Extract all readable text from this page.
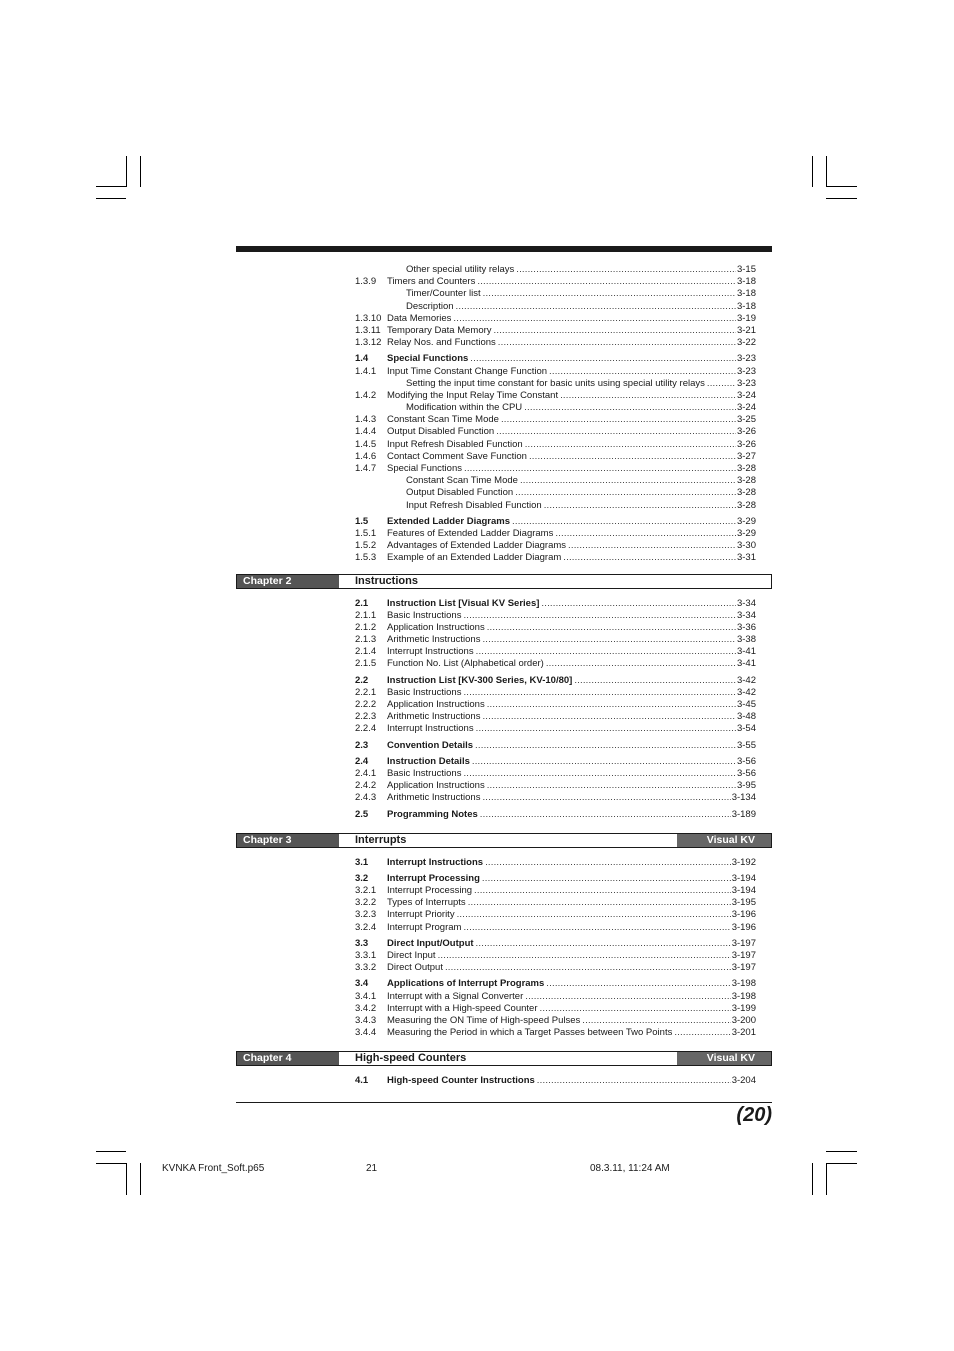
Other special utility relays .....	3-15
1.3.9 Timers and Counters .....	3-18
Timer/Counter list .....	3-18
Description .....	3-18
1.3.10 Data Memories .....	3-19
1.3.11 Temporary Data Memory .....	3-21
1.3.12 Relay Nos. and Functions .....	3-22
1.4 Special Functions .....	3-23
1.4.1 Input Time Constant Change Function .....	3-23
Setting the input time constant for basic units using special utility relays .....	3-23
1.4.2 Modifying the Input Relay Time Constant .....	3-24
Modification within the CPU .....	3-24
1.4.3 Constant Scan Time Mode .....	3-25
1.4.4 Output Disabled Function .....	3-26
1.4.5 Input Refresh Disabled Function .....	3-26
1.4.6 Contact Comment Save Function .....	3-27
1.4.7 Special Functions .....	3-28
Constant Scan Time Mode .....	3-28
Output Disabled Function .....	3-28
Input Refresh Disabled Function .....	3-28
1.5 Extended Ladder Diagrams .....	3-29
1.5.1 Features of Extended Ladder Diagrams .....	3-29
1.5.2 Advantages of Extended Ladder Diagrams .....	3-30
1.5.3 Example of an Extended Ladder Diagram .....	3-31
Chapter 2	Instructions
2.1 Instruction List [Visual KV Series] .....	3-34
2.1.1 Basic Instructions .....	3-34
2.1.2 Application Instructions .....	3-36
2.1.3 Arithmetic Instructions .....	3-38
2.1.4 Interrupt Instructions .....	3-41
2.1.5 Function No. List (Alphabetical order) .....	3-41
2.2 Instruction List [KV-300 Series, KV-10/80] .....	3-42
2.2.1 Basic Instructions .....	3-42
2.2.2 Application Instructions .....	3-45
2.2.3 Arithmetic Instructions .....	3-48
2.2.4 Interrupt Instructions .....	3-54
2.3 Convention Details .....	3-55
2.4 Instruction Details .....	3-56
2.4.1 Basic Instructions .....	3-56
2.4.2 Application Instructions .....	3-95
2.4.3 Arithmetic Instructions .....	3-134
2.5 Programming Notes .....	3-189
Chapter 3	Interrupts	Visual KV
3.1 Interrupt Instructions .....	3-192
3.2 Interrupt Processing .....	3-194
3.2.1 Interrupt Processing .....	3-194
3.2.2 Types of Interrupts .....	3-195
3.2.3 Interrupt Priority .....	3-196
3.2.4 Interrupt Program .....	3-196
3.3 Direct Input/Output .....	3-197
3.3.1 Direct Input .....	3-197
3.3.2 Direct Output .....	3-197
3.4 Applications of Interrupt Programs .....	3-198
3.4.1 Interrupt with a Signal Converter .....	3-198
3.4.2 Interrupt with a High-speed Counter .....	3-199
3.4.3 Measuring the ON Time of High-speed Pulses .....	3-200
3.4.4 Measuring the Period in which a Target Passes between Two Points .....	3-201
Chapter 4	High-speed Counters	Visual KV
4.1 High-speed Counter Instructions .....	3-204
(20)
KVNKA Front_Soft.p65	21	08.3.11, 11:24 AM
